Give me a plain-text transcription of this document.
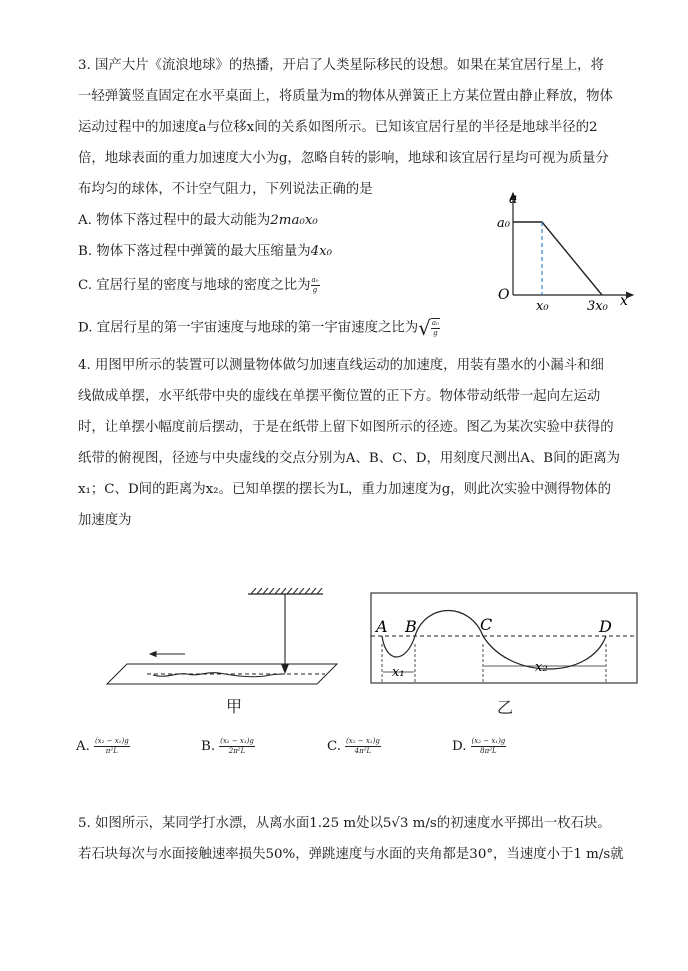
3. 国产大片《流浪地球》的热播，开启了人类星际移民的设想。如果在某宜居行星上，将
一轻弹簧竖直固定在水平桌面上，将质量为m的物体从弹簧正上方某位置由静止释放，物体
运动过程中的加速度a与位移x间的关系如图所示。已知该宜居行星的半径是地球半径的2
倍，地球表面的重力加速度大小为g，忽略自转的影响，地球和该宜居行星均可视为质量分
布均匀的球体，不计空气阻力，下列说法正确的是
A. 物体下落过程中的最大动能为2ma₀x₀
B. 物体下落过程中弹簧的最大压缩量为4x₀
C. 宜居行星的密度与地球的密度之比为 $\frac{\text{a₀}}{g}$
D. 宜居行星的第一宇宙速度与地球的第一宇宙速度之比为√ $\frac{\text{a₀}}{g}$
a
a₀
O
x₀	3x₀ x
4. 用图甲所示的装置可以测量物体做匀加速直线运动的加速度，用装有墨水的小漏斗和细
线做成单摆，水平纸带中央的虚线在单摆平衡位置的正下方。物体带动纸带一起向左运动
时，让单摆小幅度前后摆动，于是在纸带上留下如图所示的径迹。图乙为某次实验中获得的
纸带的俯视图，径迹与中央虚线的交点分别为A、B、C、D，用刻度尺测出A、B间的距离为
x₁；C、D间的距离为x₂。已知单摆的摆长为L，重力加速度为g，则此次实验中测得物体的
加速度为
甲
A B	C	D
x₁	x₂
乙
A. $\frac{\text{(x₂ − x₁)g}}{\text{π²L}}$	B. $\frac{\text{(x₂ − x₁)g}}{\text{2π²L}}$	C. $\frac{\text{(x₂ − x₁)g}}{\text{4π²L}}$	D. $\frac{\text{(x₂ − x₁)g}}{\text{8π²L}}$
5. 如图所示，某同学打水漂，从离水面1.25 m处以5√3 m/s的初速度水平掷出一枚石块。
若石块每次与水面接触速率损失50%，弹跳速度与水面的夹角都是30°，当速度小于1 m/s就
